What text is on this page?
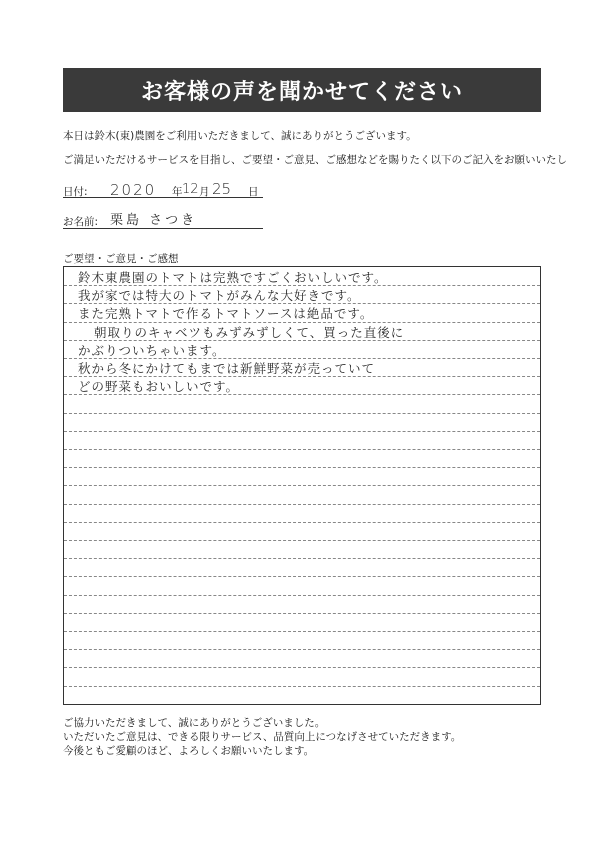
お客様の声を聞かせてください
本日は鈴木(東)農園をご利用いただきまして、誠にありがとうございます。
ご満足いただけるサービスを目指し、ご要望・ご意見、ご感想などを賜りたく以下のご記入をお願いいたし
日付: 2020 年 12 月 25 日
お名前: 栗島 さつき
ご要望・ご意見・ご感想
鈴木東農園のトマトは完熟ですごくおいしいです。
我が家では特大のトマトがみんな大好きです。
また完熟トマトで作るトマトソースは絶品です。
朝取りのキャベツもみずみずしくて、買った直後に
かぶりついちゃいます。
秋から冬にかけてもまでは新鮮野菜が売っていて
どの野菜もおいしいです。
ご協力いただきまして、誠にありがとうございました。
いただいたご意見は、できる限りサービス、品質向上につなげさせていただきます。
今後ともご愛顧のほど、よろしくお願いいたします。
